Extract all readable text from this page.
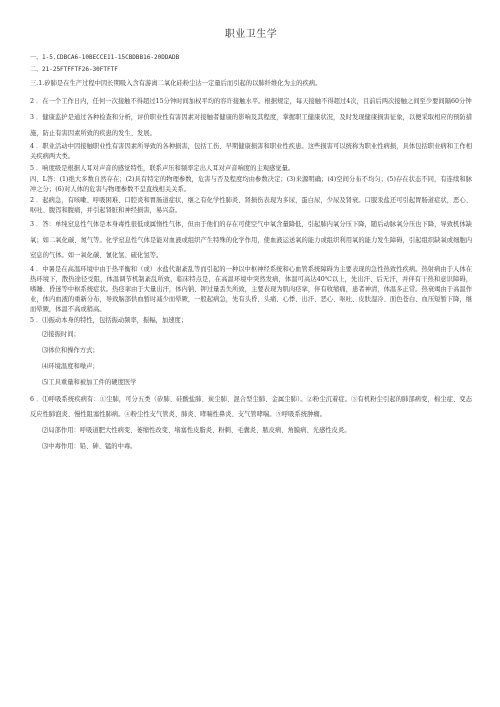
职业卫生学
一、1-5.CDBCA6-10BECCE11-15CBDBB16-20DDADB
二、21-25FTFFTF26-30FTFTF
三.1.矽肺是在生产过程中因长期吸入含有游离二氧化硅粉尘达一定量后而引起的以肺纤维化为主的疾病。
2 ．在一个工作日内，任何一次接触不得超过15分钟时间加权平均的容许接触水平。根据规定，每天接触不得超过4次，且前后两次接触之间至少要间隔60分钟
3 ．健康监护是通过各种检查和分析，评价职业性有害因素对接触者健康的影响及其程度，掌握职工健康状况，及时发现健康损害征象，以便采取相应的预防措施，防止有害因素所致的疾患的发生、发展。
4 ．职业活动中因接触职业性有害因素所导致的各种损害，包括工伤、早期健康损害和职业性疾患。这些损害可以统称为职业性病损，具体包括职业病和工作相关疾病两大类。
5 ．响度级是根据人耳对声音的感觉特性，联系声压和频率定出人耳对声音响度的主观感觉量。
四、L答：(1)绝大多数自然存在；(2)具有特定的物理参数，危害与否及程度均由参数决定；(3)来源明确；(4)空间分布不均匀；(5)存在状态不同，有连续和脉冲之分；(6)对人体的危害与物理参数不呈直线相关关系。
2 ．起病急，有咳嗽、呼吸困难、口腔炎和胃肠道症状，继之有化学性肺炎、肾损伤表现为多尿，蛋白尿，少尿及肾衰。口服汞盐还可引起胃肠道症状，恶心、呕吐、腹泻和腹痛，并引起肾脏和神经损害，易兴奋。
3 ．答：单纯窒息性气体是本身毒性很低或属惰性气体，但由于他们的存在可使空气中氧含量降低，引起肺内氧分压下降，随后动脉氧分压也下降，导致机体缺氧；如二氧化碳、氮气等。化学窒息性气体是能对血液或组织产生特殊的化学作用，使血液运送氧的能力或组织利用氧的能力发生障碍，引起组织缺氧或细胞内窒息的气体。如一氧化碳、氰化氢、硫化氢等。
4 ．中暑是在高温环境中由于热平衡和（或）水盐代谢紊乱等而引起的一种以中枢神经系统和心血管系统障碍为主要表现的急性热致性疾病。热射病由于人体在热环境下，散热途径受阻，体温调节机制紊乱所致，临床特点是，在高温环境中突然发病，体温可高达40℃以上，先出汗、后无汗，并伴有干热和意识障碍，嗜睡、昏迷等中枢系统症状。热痉挛由于大量出汗，体内钠、钾过量丢失所致，主要表现为肌肉痉挛，伴有收缩痛，患者神清，体温多正常。热衰竭由于高温作业，体内血液的重新分布，导致脑部供血暂时减少而晕厥，一般起病急，先有头昏、头痛、心悸、出汗、恶心、呕吐、皮肤湿冷、面色苍白、血压短暂下降，继而晕厥，体温不高或稍高。
5 ．⑴振动本身的特性，包括振动频率，振幅，加速度；
⑵接振时间；
⑶体位和操作方式；
⑷环境温度和噪声；
⑸工具重量和被加工件的硬度医学
6 ．⑴呼吸系统疾病有：①尘肺，可分五类（矽肺、硅酸盐肺、炭尘肺、混合型尘肺、金属尘肺）。②粉尘沉着症。③有机粉尘引起的肺部病变，棉尘症、变态反应性肺泡炎、慢性阻塞性肺病。④粉尘性支气管炎、肺炎、哮喘性鼻炎、支气管哮喘。⑤呼吸系统肿瘤。
⑵局部作用：呼吸道肥大性病变、萎缩性改变、堵塞性皮脂炎、粉刺、毛囊炎、脓皮病、角膜病、光感性皮炎。
⑶中毒作用：铅、砷、锰的中毒。
